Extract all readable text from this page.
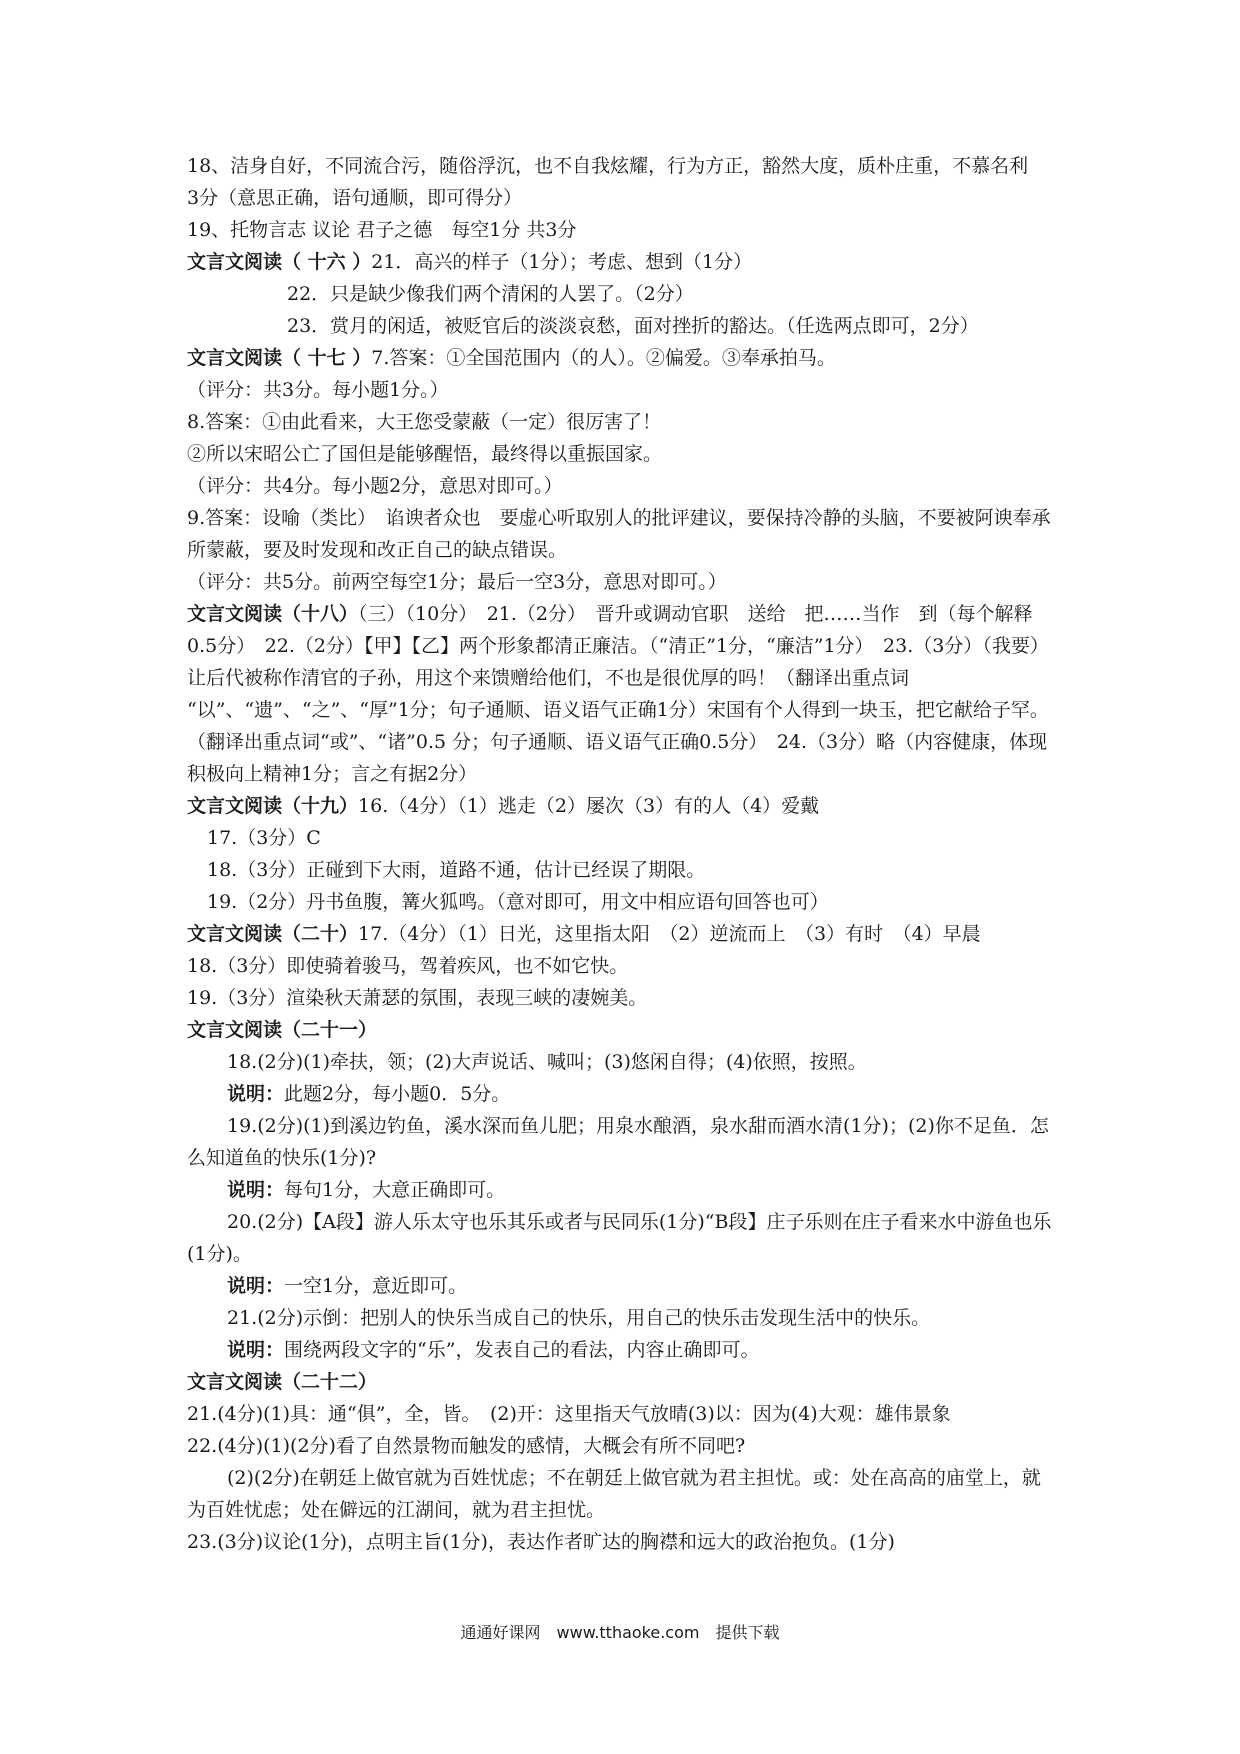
18、洁身自好，不同流合污，随俗浮沉，也不自我炫耀，行为方正，豁然大度，质朴庄重，不慕名利　3分（意思正确，语句通顺，即可得分）
19、托物言志 议论 君子之德　每空1分 共3分
文言文阅读（ 十六 ）21．高兴的样子（1分）；考虑、想到（1分）
22．只是缺少像我们两个清闲的人罢了。（2分）
23．赏月的闲适，被贬官后的淡淡哀愁，面对挫折的豁达。（任选两点即可，2分）
文言文阅读（ 十七 ）7.答案：①全国范围内（的人）。②偏爱。③奉承拍马。
（评分：共3分。每小题1分。）
8.答案：①由此看来，大王您受蒙蔽（一定）很厉害了！
②所以宋昭公亡了国但是能够醒悟，最终得以重振国家。
（评分：共4分。每小题2分，意思对即可。）
9.答案：设喻（类比）　谄谀者众也　要虚心听取别人的批评建议，要保持冷静的头脑，不要被阿谀奉承所蒙蔽，要及时发现和改正自己的缺点错误。
（评分：共5分。前两空每空1分；最后一空3分，意思对即可。）
文言文阅读（十八）（三）（10分）　21.（2分）　晋升或调动官职　送给　把……当作　到（每个解释0.5分）　22.（2分）【甲】【乙】两个形象都清正廉洁。（“清正”1分，“廉洁”1分）　23.（3分）（我要）让后代被称作清官的子孙，用这个来馈赠给他们，不也是很优厚的吗！（翻译出重点词 “以”、“遗”、“之”、“厚”1分；句子通顺、语义语气正确1分）宋国有个人得到一块玉，把它献给子罕。（翻译出重点词“或”、“诸”0.5 分；句子通顺、语义语气正确0.5分）　24.（3分）略（内容健康，体现积极向上精神1分；言之有据2分）
文言文阅读（十九）16.（4分）（1）逃走（2）屡次（3）有的人（4）爱戴
17.（3分）C
18.（3分）正碰到下大雨，道路不通，估计已经误了期限。
19.（2分）丹书鱼腹，篝火狐鸣。（意对即可，用文中相应语句回答也可）
文言文阅读（二十）17.（4分）（1）日光，这里指太阳　（2）逆流而上　（3）有时　（4）早晨
18.（3分）即使骑着骏马，驾着疾风，也不如它快。
19.（3分）渲染秋天萧瑟的氛围，表现三峡的凄婉美。
文言文阅读（二十一）
18.(2分)(1)牵扶，领；(2)大声说话、喊叫；(3)悠闲自得；(4)依照，按照。
说明：此题2分，每小题0．5分。
19.(2分)(1)到溪边钓鱼，溪水深而鱼儿肥；用泉水酿酒，泉水甜而酒水清(1分)；(2)你不足鱼．怎么知道鱼的快乐(1分)?
说明：每句1分，大意正确即可。
20.(2分)【A段】游人乐太守也乐其乐或者与民同乐(1分)“B段】庄子乐则在庄子看来水中游鱼也乐(1分)。
说明：一空1分，意近即可。
21.(2分)示倒：把别人的快乐当成自己的快乐，用自己的快乐击发现生活中的快乐。
说明：围绕两段文字的“乐”，发表自己的看法，内容止确即可。
文言文阅读（二十二）
21.(4分)(1)具：通“俱”，全，皆。　(2)开：这里指天气放晴(3)以：因为(4)大观：雄伟景象
22.(4分)(1)(2分)看了自然景物而触发的感情，大概会有所不同吧?
(2)(2分)在朝廷上做官就为百姓忧虑；不在朝廷上做官就为君主担忧。或：处在高高的庙堂上，就为百姓忧虑；处在僻远的江湖间，就为君主担忧。
23.(3分)议论(1分)，点明主旨(1分)，表达作者旷达的胸襟和远大的政治抱负。(1分)
通通好课网　www.tthaoke.com　提供下载
